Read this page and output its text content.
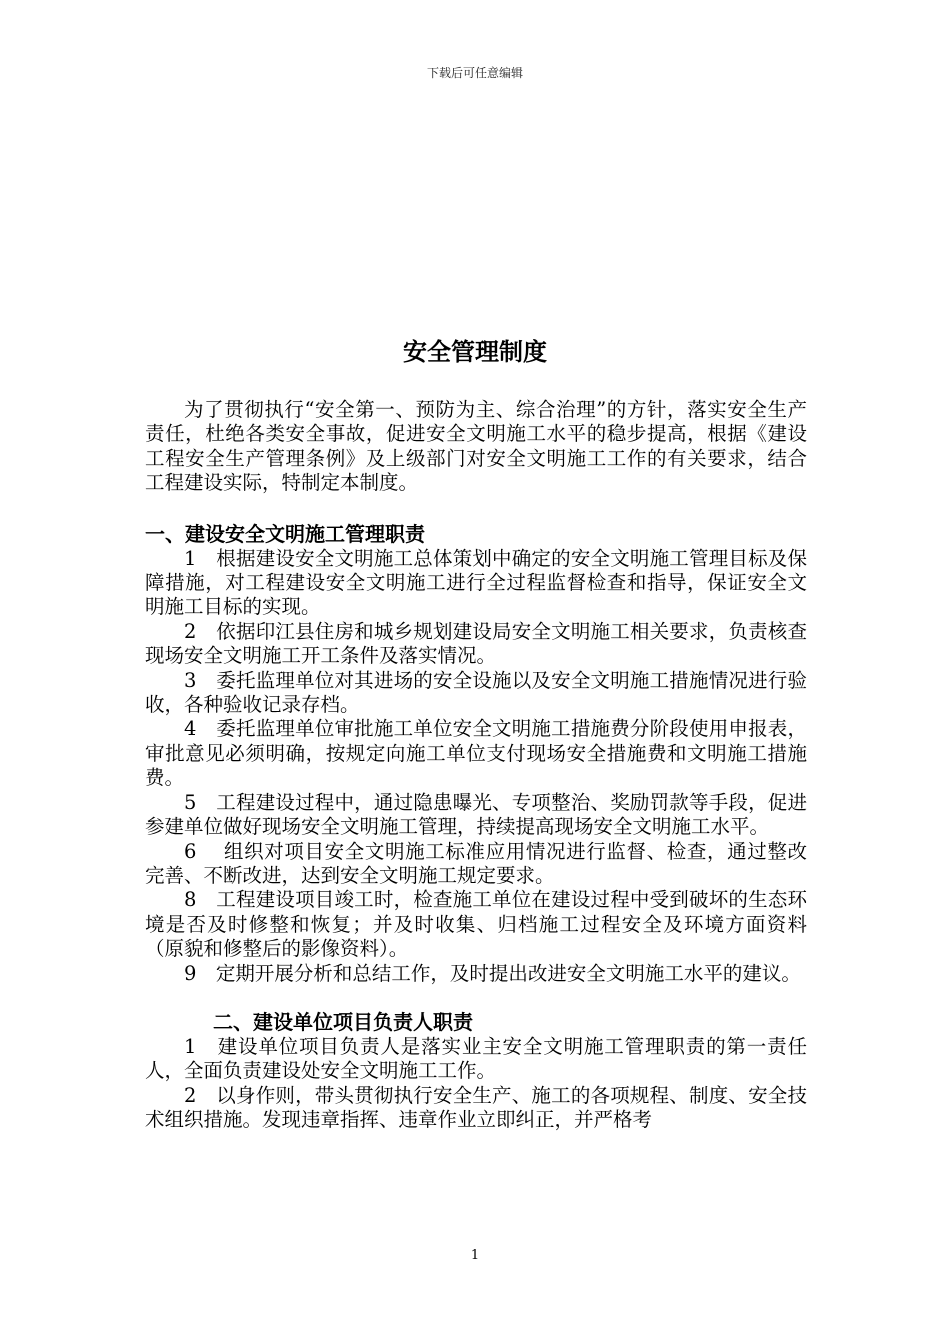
下载后可任意编辑
安全管理制度

为了贯彻执行“安全第一、预防为主、综合治理”的方针，落实安全生产责任，杜绝各类安全事故，促进安全文明施工水平的稳步提高，根据《建设工程安全生产管理条例》及上级部门对安全文明施工工作的有关要求，结合工程建设实际，特制定本制度。

一、建设安全文明施工管理职责

1　根据建设安全文明施工总体策划中确定的安全文明施工管理目标及保障措施，对工程建设安全文明施工进行全过程监督检查和指导，保证安全文明施工目标的实现。

2　依据印江县住房和城乡规划建设局安全文明施工相关要求，负责核查现场安全文明施工开工条件及落实情况。

3　委托监理单位对其进场的安全设施以及安全文明施工措施情况进行验收，各种验收记录存档。

4　委托监理单位审批施工单位安全文明施工措施费分阶段使用申报表，审批意见必须明确，按规定向施工单位支付现场安全措施费和文明施工措施费。

5　工程建设过程中，通过隐患曝光、专项整治、奖励罚款等手段，促进参建单位做好现场安全文明施工管理，持续提高现场安全文明施工水平。

6　 组织对项目安全文明施工标准应用情况进行监督、检查，通过整改完善、不断改进，达到安全文明施工规定要求。

8　工程建设项目竣工时，检查施工单位在建设过程中受到破坏的生态环境是否及时修整和恢复；并及时收集、归档施工过程安全及环境方面资料（原貌和修整后的影像资料）。

9　定期开展分析和总结工作，及时提出改进安全文明施工水平的建议。

二、建设单位项目负责人职责

1　建设单位项目负责人是落实业主安全文明施工管理职责的第一责任人，全面负责建设处安全文明施工工作。

2　以身作则，带头贯彻执行安全生产、施工的各项规程、制度、安全技术组织措施。发现违章指挥、违章作业立即纠正，并严格考

1
